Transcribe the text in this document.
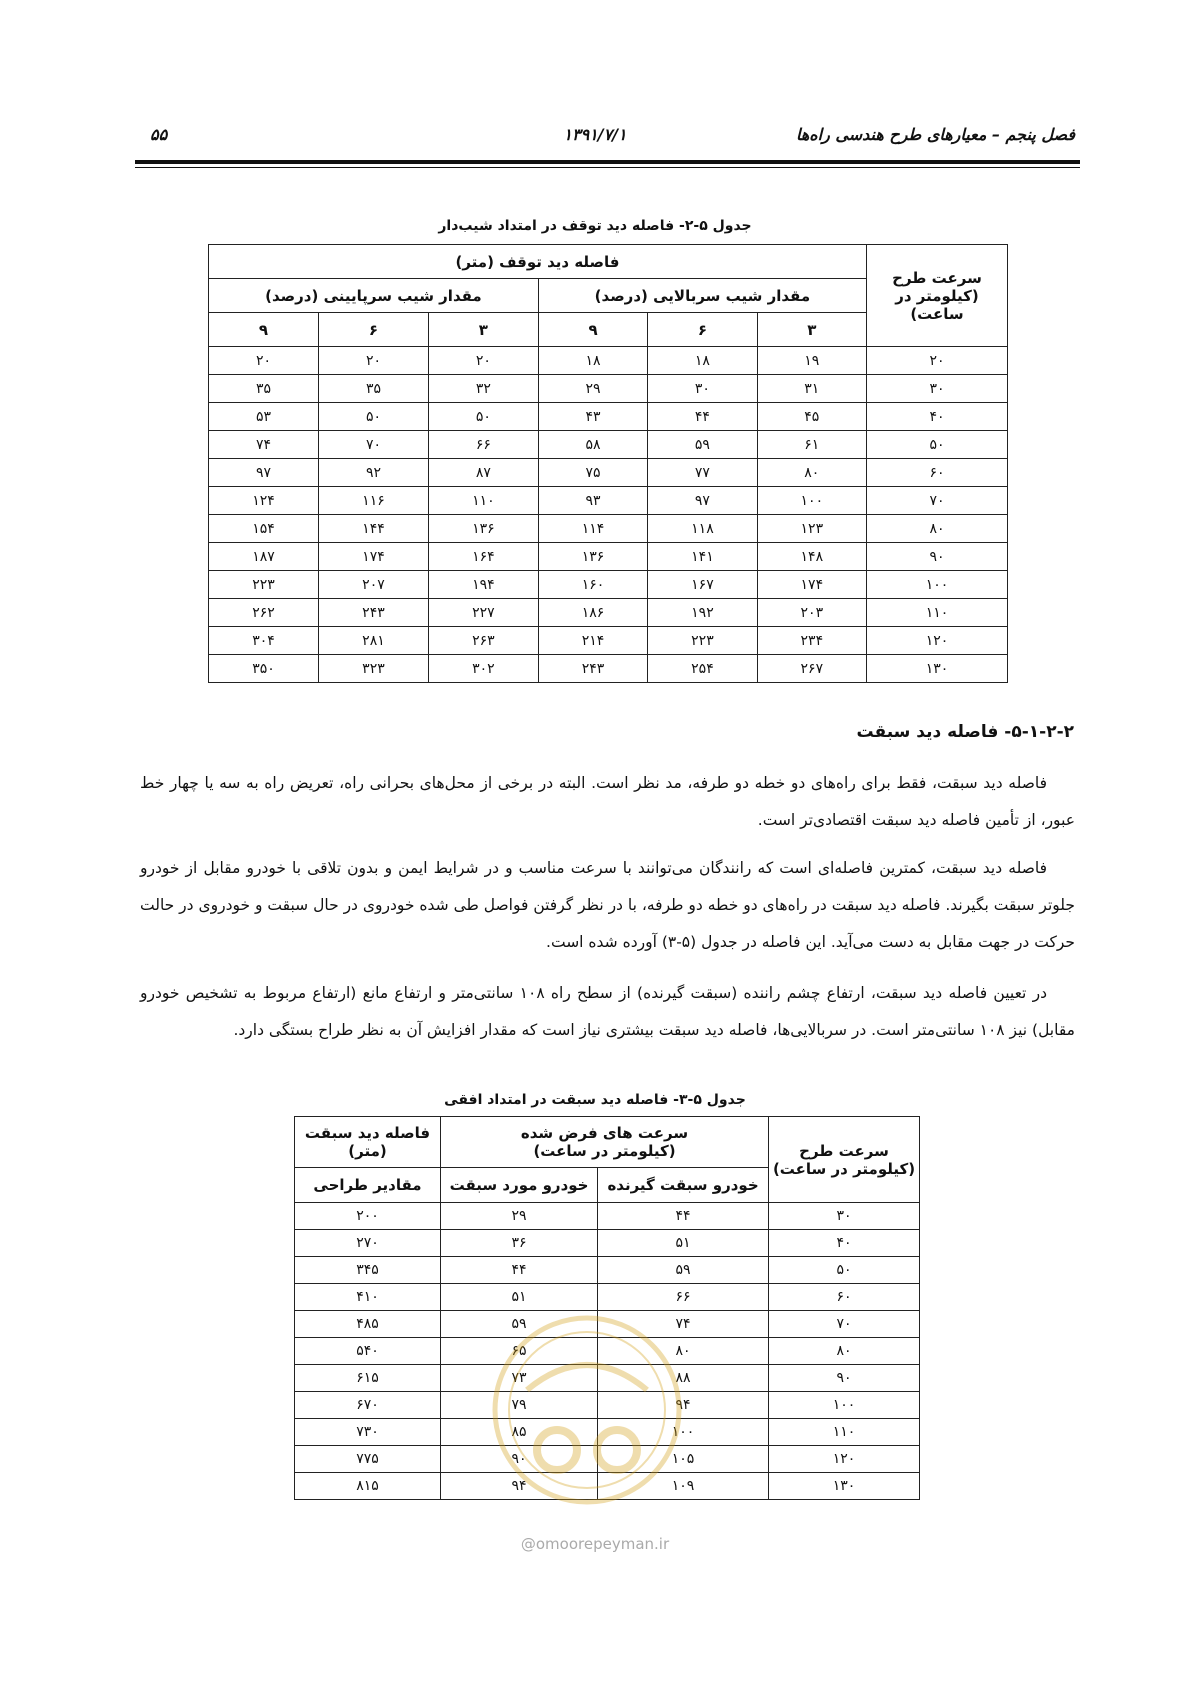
فصل پنجم – معیارهای طرح هندسی راه‌ها
۱۳۹۱/۷/۱
۵۵
جدول ۵-۲- فاصله دید توقف در امتداد شیب‌دار
سرعت طرح
(کیلومتر در ساعت)	فاصله دید توقف (متر)					
	مقدار شیب سربالایی (درصد)			مقدار شیب سرپایینی (درصد)		
	۳	۶	۹	۳	۶	۹
۲۰	۱۹	۱۸	۱۸	۲۰	۲۰	۲۰
۳۰	۳۱	۳۰	۲۹	۳۲	۳۵	۳۵
۴۰	۴۵	۴۴	۴۳	۵۰	۵۰	۵۳
۵۰	۶۱	۵۹	۵۸	۶۶	۷۰	۷۴
۶۰	۸۰	۷۷	۷۵	۸۷	۹۲	۹۷
۷۰	۱۰۰	۹۷	۹۳	۱۱۰	۱۱۶	۱۲۴
۸۰	۱۲۳	۱۱۸	۱۱۴	۱۳۶	۱۴۴	۱۵۴
۹۰	۱۴۸	۱۴۱	۱۳۶	۱۶۴	۱۷۴	۱۸۷
۱۰۰	۱۷۴	۱۶۷	۱۶۰	۱۹۴	۲۰۷	۲۲۳
۱۱۰	۲۰۳	۱۹۲	۱۸۶	۲۲۷	۲۴۳	۲۶۲
۱۲۰	۲۳۴	۲۲۳	۲۱۴	۲۶۳	۲۸۱	۳۰۴
۱۳۰	۲۶۷	۲۵۴	۲۴۳	۳۰۲	۳۲۳	۳۵۰
۵-۱-۲-۲- فاصله دید سبقت

فاصله دید سبقت، فقط برای راه‌های دو خطه دو طرفه، مد نظر است. البته در برخی از محل‌های بحرانی راه، تعریض راه به سه یا چهار خط عبور، از تأمین فاصله دید سبقت اقتصادی‌تر است.

فاصله دید سبقت، کمترین فاصله‌ای است که رانندگان می‌توانند با سرعت مناسب و در شرایط ایمن و بدون تلاقی با خودرو مقابل از خودرو جلوتر سبقت بگیرند. فاصله دید سبقت در راه‌های دو خطه دو طرفه، با در نظر گرفتن فواصل طی شده خودروی در حال سبقت و خودروی در حالت حرکت در جهت مقابل به دست می‌آید. این فاصله در جدول (۵-۳) آورده شده است.

در تعیین فاصله دید سبقت، ارتفاع چشم راننده (سبقت گیرنده) از سطح راه ۱۰۸ سانتی‌متر و ارتفاع مانع (ارتفاع مربوط به تشخیص خودرو مقابل) نیز ۱۰۸ سانتی‌متر است. در سربالایی‌ها، فاصله دید سبقت بیشتری نیاز است که مقدار افزایش آن به نظر طراح بستگی دارد.

جدول ۵-۳- فاصله دید سبقت در امتداد افقی
سرعت طرح
(کیلومتر در ساعت)	سرعت های فرض شده
(کیلومتر در ساعت)		فاصله دید سبقت
(متر)
	خودرو سبقت گیرنده	خودرو مورد سبقت	مقادیر طراحی
۳۰	۴۴	۲۹	۲۰۰
۴۰	۵۱	۳۶	۲۷۰
۵۰	۵۹	۴۴	۳۴۵
۶۰	۶۶	۵۱	۴۱۰
۷۰	۷۴	۵۹	۴۸۵
۸۰	۸۰	۶۵	۵۴۰
۹۰	۸۸	۷۳	۶۱۵
۱۰۰	۹۴	۷۹	۶۷۰
۱۱۰	۱۰۰	۸۵	۷۳۰
۱۲۰	۱۰۵	۹۰	۷۷۵
۱۳۰	۱۰۹	۹۴	۸۱۵
@omoorepeyman.ir
